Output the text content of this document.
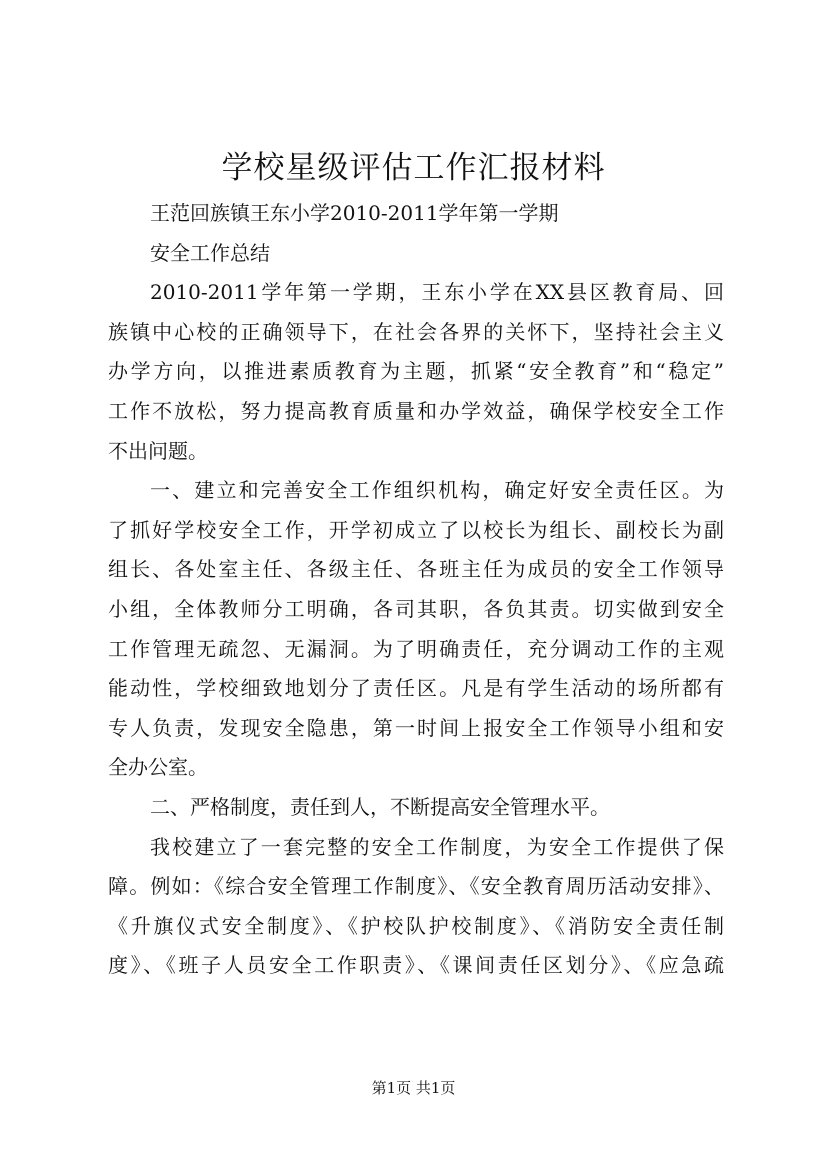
学校星级评估工作汇报材料
王范回族镇王东小学2010-2011学年第一学期
安全工作总结
2010-2011学年第一学期，王东小学在XX县区教育局、回
族镇中心校的正确领导下，在社会各界的关怀下，坚持社会主义
办学方向，以推进素质教育为主题，抓紧“安全教育”和“稳定”
工作不放松，努力提高教育质量和办学效益，确保学校安全工作
不出问题。
一、建立和完善安全工作组织机构，确定好安全责任区。为
了抓好学校安全工作，开学初成立了以校长为组长、副校长为副
组长、各处室主任、各级主任、各班主任为成员的安全工作领导
小组，全体教师分工明确，各司其职，各负其责。切实做到安全
工作管理无疏忽、无漏洞。为了明确责任，充分调动工作的主观
能动性，学校细致地划分了责任区。凡是有学生活动的场所都有
专人负责，发现安全隐患，第一时间上报安全工作领导小组和安
全办公室。
二、严格制度，责任到人，不断提高安全管理水平。
我校建立了一套完整的安全工作制度，为安全工作提供了保
障。例如：《综合安全管理工作制度》、《安全教育周历活动安排》、
《升旗仪式安全制度》、《护校队护校制度》、《消防安全责任制
度》、《班子人员安全工作职责》、《课间责任区划分》、《应急疏
第1页 共1页
